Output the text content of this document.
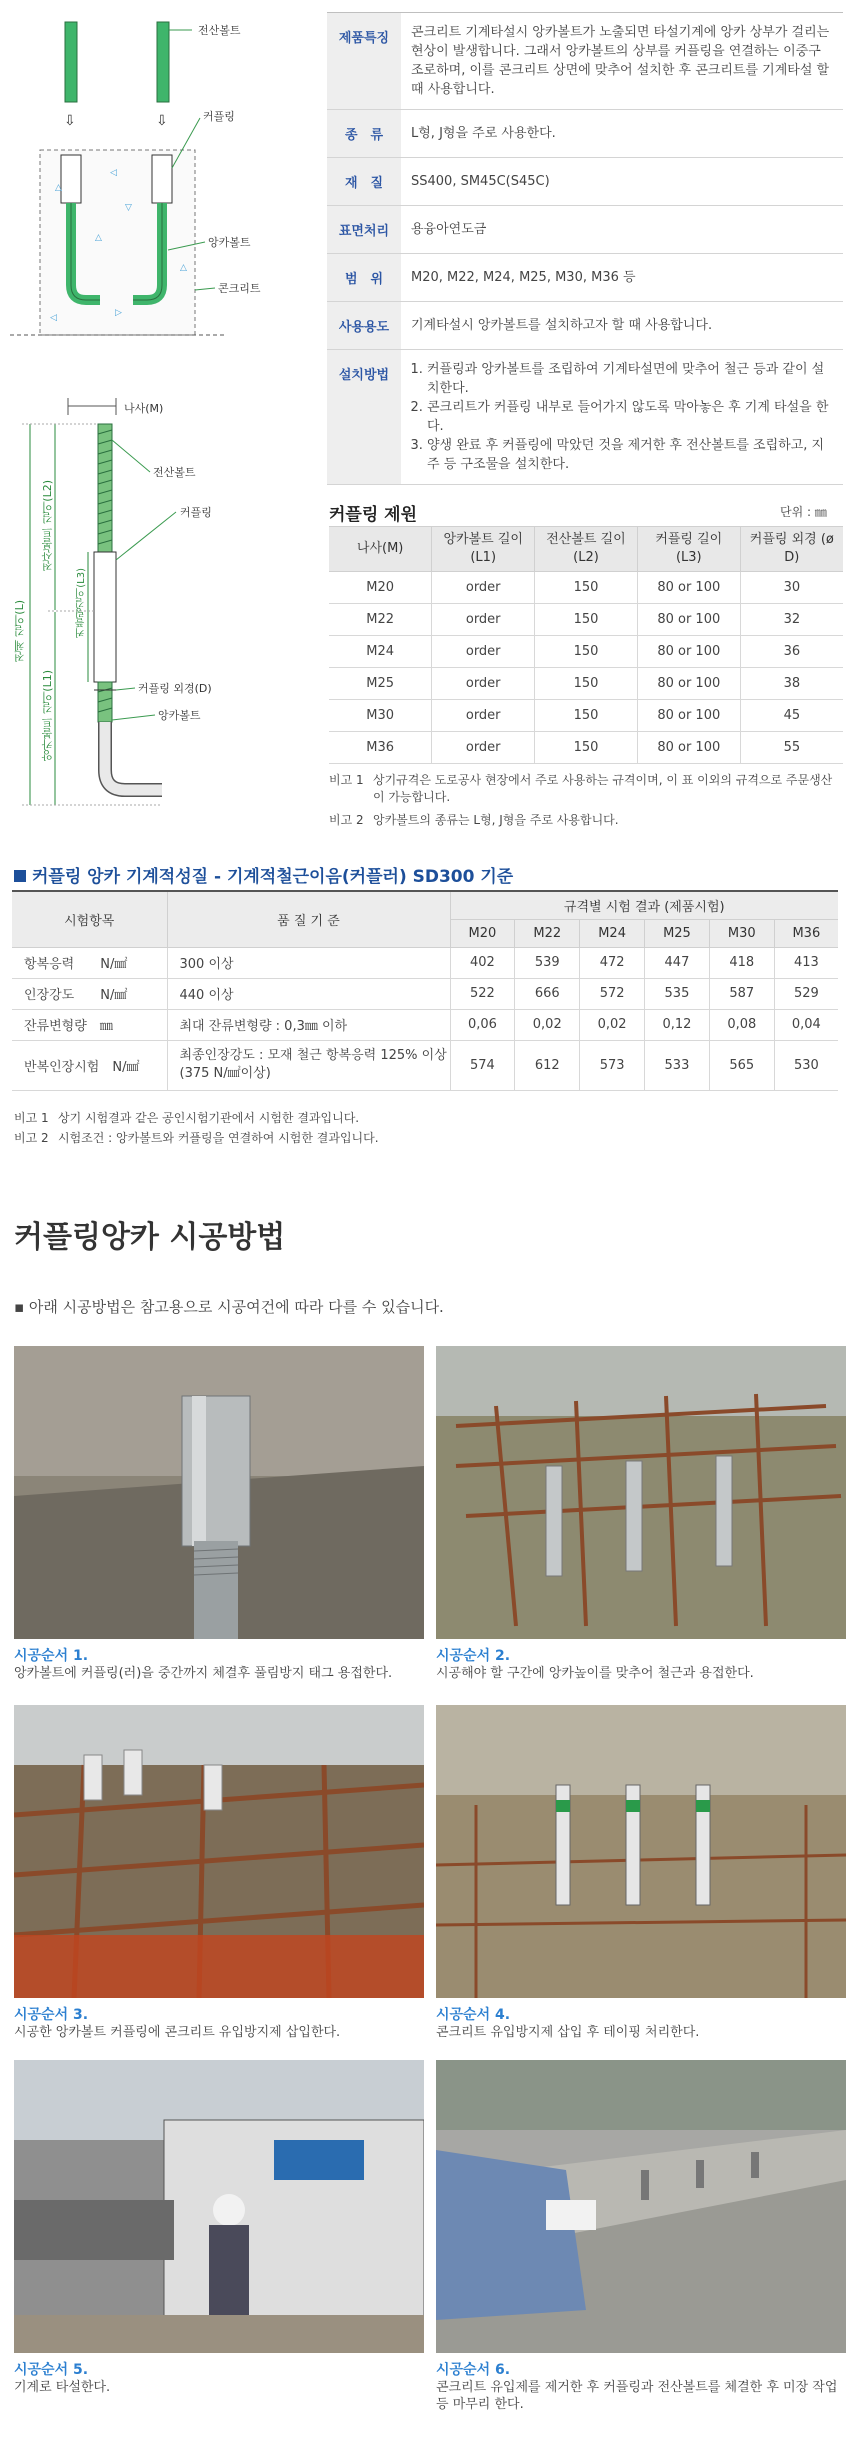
⇩	⇩
△
◁
△
▽
◁
△
▷
전산볼트
커플링
앙카볼트
콘크리트
나사(M)
전산볼트
커플링
커플링 외경(D)
앙카볼트
전체 길이(L)
전산볼트 길이(L2)
앙카볼트 길이(L1)
커플링길이(L3)
제품특징	콘크리트 기계타설시 앙카볼트가 노출되면 타설기계에 앙카 상부가 걸리는 현상이 발생합니다. 그래서 앙카볼트의 상부를 커플링을 연결하는 이중구조로하며, 이를 콘크리트 상면에 맞추어 설치한 후 콘크리트를 기계타설 할 때 사용합니다.
종　류	L형, J형을 주로 사용한다.
재　질	SS400, SM45C(S45C)
표면처리	용융아연도금
범　위	M20, M22, M24, M25, M30, M36 등
사용용도	기계타설시 앙카볼트를 설치하고자 할 때 사용합니다.
설치방법	1. 커플링과 앙카볼트를 조립하여 기계타설면에 맞추어 철근 등과 같이 설치한다.
2. 콘크리트가 커플링 내부로 들어가지 않도록 막아놓은 후 기계 타설을 한다.
3. 양생 완료 후 커플링에 막았던 것을 제거한 후 전산볼트를 조립하고, 지주 등 구조물을 설치한다.
커플링 제원	단위 : ㎜
나사(M)	앙카볼트 길이 (L1)	전산볼트 길이 (L2)	커플링 길이 (L3)	커플링 외경 (ø D)
M20	order	150	80 or 100	30
M22	order	150	80 or 100	32
M24	order	150	80 or 100	36
M25	order	150	80 or 100	38
M30	order	150	80 or 100	45
M36	order	150	80 or 100	55
비고 1 상기규격은 도로공사 현장에서 주로 사용하는 규격이며, 이 표 이외의 규격으로 주문생산이 가능합니다.
비고 2 앙카볼트의 종류는 L형, J형을 주로 사용합니다.
커플링 앙카 기계적성질 - 기계적철근이음(커플러) SD300 기준
시험항목	품 질 기 준	규격별 시험 결과 (제품시험)					
		M20	M22	M24	M25	M30	M36
항복응력　　 N/㎟	300 이상	402	539	472	447	418	413
인장강도　　 N/㎟	440 이상	522	666	572	535	587	529
잔류변형량　 ㎜	최대 잔류변형량 : 0,3㎜ 이하	0,06	0,02	0,02	0,12	0,08	0,04
반복인장시험　 N/㎟	최종인장강도 : 모재 철근 항복응력 125% 이상 (375 N/㎟이상)	574	612	573	533	565	530
비고 1 상기 시험결과 같은 공인시험기관에서 시험한 결과입니다.
비고 2 시험조건 : 앙카볼트와 커플링을 연결하여 시험한 결과입니다.
커플링앙카 시공방법
▪ 아래 시공방법은 참고용으로 시공여건에 따라 다를 수 있습니다.
시공순서 1.
앙카볼트에 커플링(러)을 중간까지 체결후 풀림방지 태그 용접한다.
시공순서 2.
시공해야 할 구간에 앙카높이를 맞추어 철근과 용접한다.
시공순서 3.
시공한 앙카볼트 커플링에 콘크리트 유입방지제 삽입한다.
시공순서 4.
콘크리트 유입방지제 삽입 후 테이핑 처리한다.
시공순서 5.
기계로 타설한다.
시공순서 6.
콘크리트 유입제를 제거한 후 커플링과 전산볼트를 체결한 후 미장 작업등 마무리 한다.
